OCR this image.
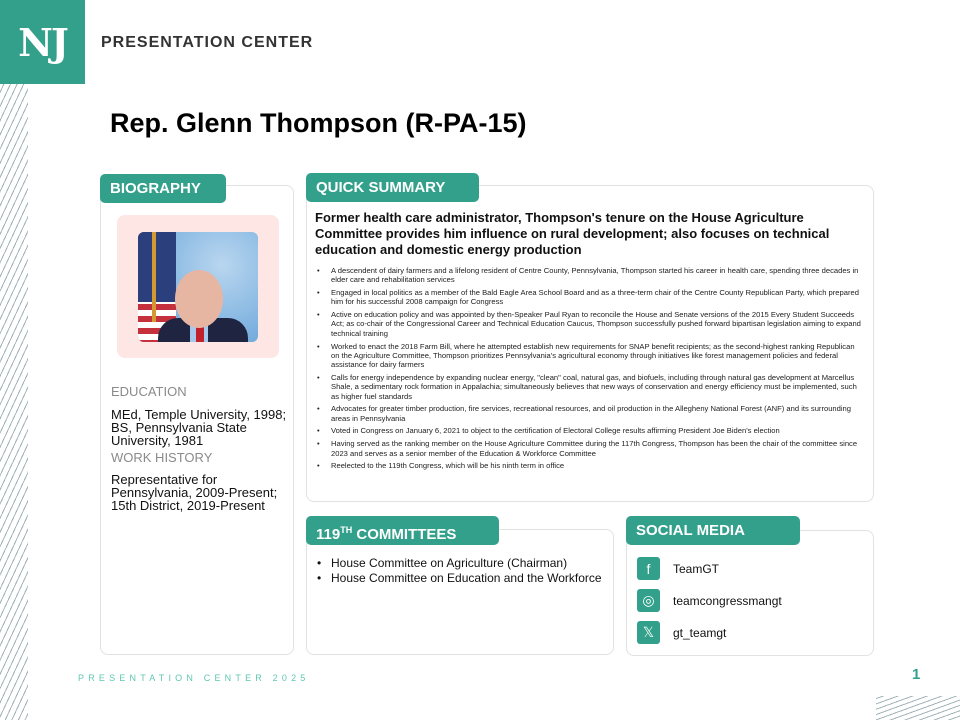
NJ PRESENTATION CENTER
Rep. Glenn Thompson (R-PA-15)
EDUCATION
MEd, Temple University, 1998; BS, Pennsylvania State University, 1981
WORK HISTORY
Representative for Pennsylvania, 2009-Present; 15th District, 2019-Present
BIOGRAPHY
Former health care administrator, Thompson's tenure on the House Agriculture Committee provides him influence on rural development; also focuses on technical education and domestic energy production
• A descendent of dairy farmers and a lifelong resident of Centre County, Pennsylvania, Thompson started his career in health care, spending three decades in elder care and rehabilitation services
• Engaged in local politics as a member of the Bald Eagle Area School Board and as a three-term chair of the Centre County Republican Party, which prepared him for his successful 2008 campaign for Congress
• Active on education policy and was appointed by then-Speaker Paul Ryan to reconcile the House and Senate versions of the 2015 Every Student Succeeds Act; as co-chair of the Congressional Career and Technical Education Caucus, Thompson successfully pushed forward bipartisan legislation aiming to expand technical training
• Worked to enact the 2018 Farm Bill, where he attempted establish new requirements for SNAP benefit recipients; as the second-highest ranking Republican on the Agriculture Committee, Thompson prioritizes Pennsylvania's agricultural economy through initiatives like forest management policies and federal assistance for dairy farmers
• Calls for energy independence by expanding nuclear energy, "clean" coal, natural gas, and biofuels, including through natural gas development at Marcellus Shale, a sedimentary rock formation in Appalachia; simultaneously believes that new ways of conservation and energy efficiency must be implemented, such as higher fuel standards
• Advocates for greater timber production, fire services, recreational resources, and oil production in the Allegheny National Forest (ANF) and its surrounding areas in Pennsylvania
• Voted in Congress on January 6, 2021 to object to the certification of Electoral College results affirming President Joe Biden's election
• Having served as the ranking member on the House Agriculture Committee during the 117th Congress, Thompson has been the chair of the committee since 2023 and serves as a senior member of the Education & Workforce Committee
• Reelected to the 119th Congress, which will be his ninth term in office
QUICK SUMMARY
• House Committee on Agriculture (Chairman)
• House Committee on Education and the Workforce
119TH COMMITTEES
f	TeamGT
◎	teamcongressmangt
𝕏	gt_teamgt
SOCIAL MEDIA
PRESENTATION CENTER 2025	1
